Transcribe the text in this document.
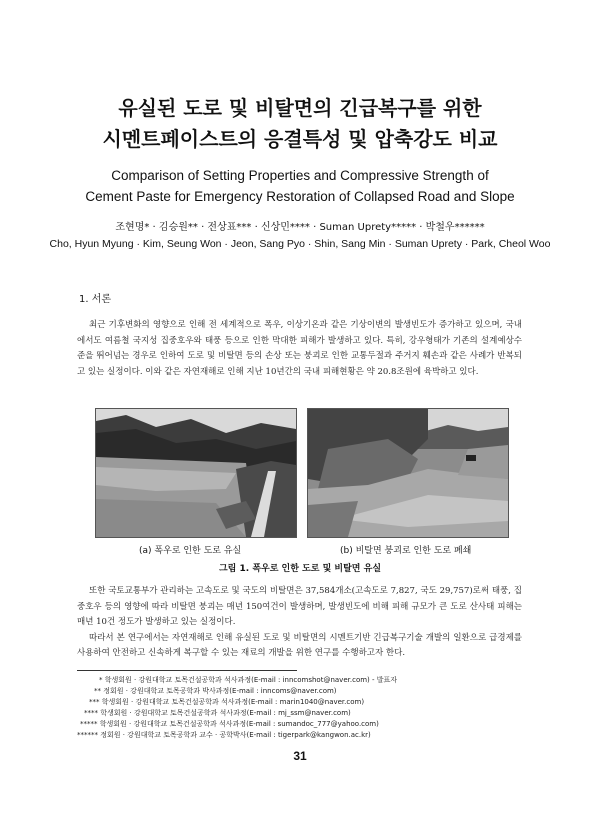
유실된 도로 및 비탈면의 긴급복구를 위한
시멘트페이스트의 응결특성 및 압축강도 비교
Comparison of Setting Properties and Compressive Strength of
Cement Paste for Emergency Restoration of Collapsed Road and Slope
조현명* · 김승원** · 전상표*** · 신상민**** · Suman Uprety***** · 박철우******
Cho, Hyun Myung · Kim, Seung Won · Jeon, Sang Pyo · Shin, Sang Min · Suman Uprety · Park, Cheol Woo
1. 서론

최근 기후변화의 영향으로 인해 전 세계적으로 폭우, 이상기온과 같은 기상이변의 발생빈도가 증가하고 있으며, 국내에서도 여름철 국지성 집중호우와 태풍 등으로 인한 막대한 피해가 발생하고 있다. 특히, 강우형태가 기존의 설계예상수준을 뛰어넘는 경우로 인하여 도로 및 비탈면 등의 손상 또는 붕괴로 인한 교통두절과 주거지 훼손과 같은 사례가 반복되고 있는 실정이다. 이와 같은 자연재해로 인해 지난 10년간의 국내 피해현황은 약 20.8조원에 육박하고 있다.

(a) 폭우로 인한 도로 유실	(b) 비탈면 붕괴로 인한 도로 폐쇄
그림 1. 폭우로 인한 도로 및 비탈면 유실

또한 국토교통부가 관리하는 고속도로 및 국도의 비탈면은 37,584개소(고속도로 7,827, 국도 29,757)로써 태풍, 집중호우 등의 영향에 따라 비탈면 붕괴는 매년 150여건이 발생하며, 발생빈도에 비해 피해 규모가 큰 도로 산사태 피해는 매년 10건 정도가 발생하고 있는 실정이다.

따라서 본 연구에서는 자연재해로 인해 유실된 도로 및 비탈면의 시멘트기반 긴급복구기술 개발의 일환으로 급경제를 사용하여 안전하고 신속하게 복구할 수 있는 재료의 개발을 위한 연구를 수행하고자 한다.

* 학생회원 · 강원대학교 토목건설공학과 석사과정(E-mail : inncomshot@naver.com) - 발표자
** 정회원 · 강원대학교 토목공학과 박사과정(E-mail : inncoms@naver.com)
*** 학생회원 · 강원대학교 토목건설공학과 석사과정(E-mail : marin1040@naver.com)
**** 학생회원 · 강원대학교 토목건설공학과 석사과정(E-mail : mj_ssm@naver.com)
***** 학생회원 · 강원대학교 토목건설공학과 석사과정(E-mail : sumandoc_777@yahoo.com)
****** 정회원 · 강원대학교 토목공학과 교수 · 공학박사(E-mail : tigerpark@kangwon.ac.kr)
31
